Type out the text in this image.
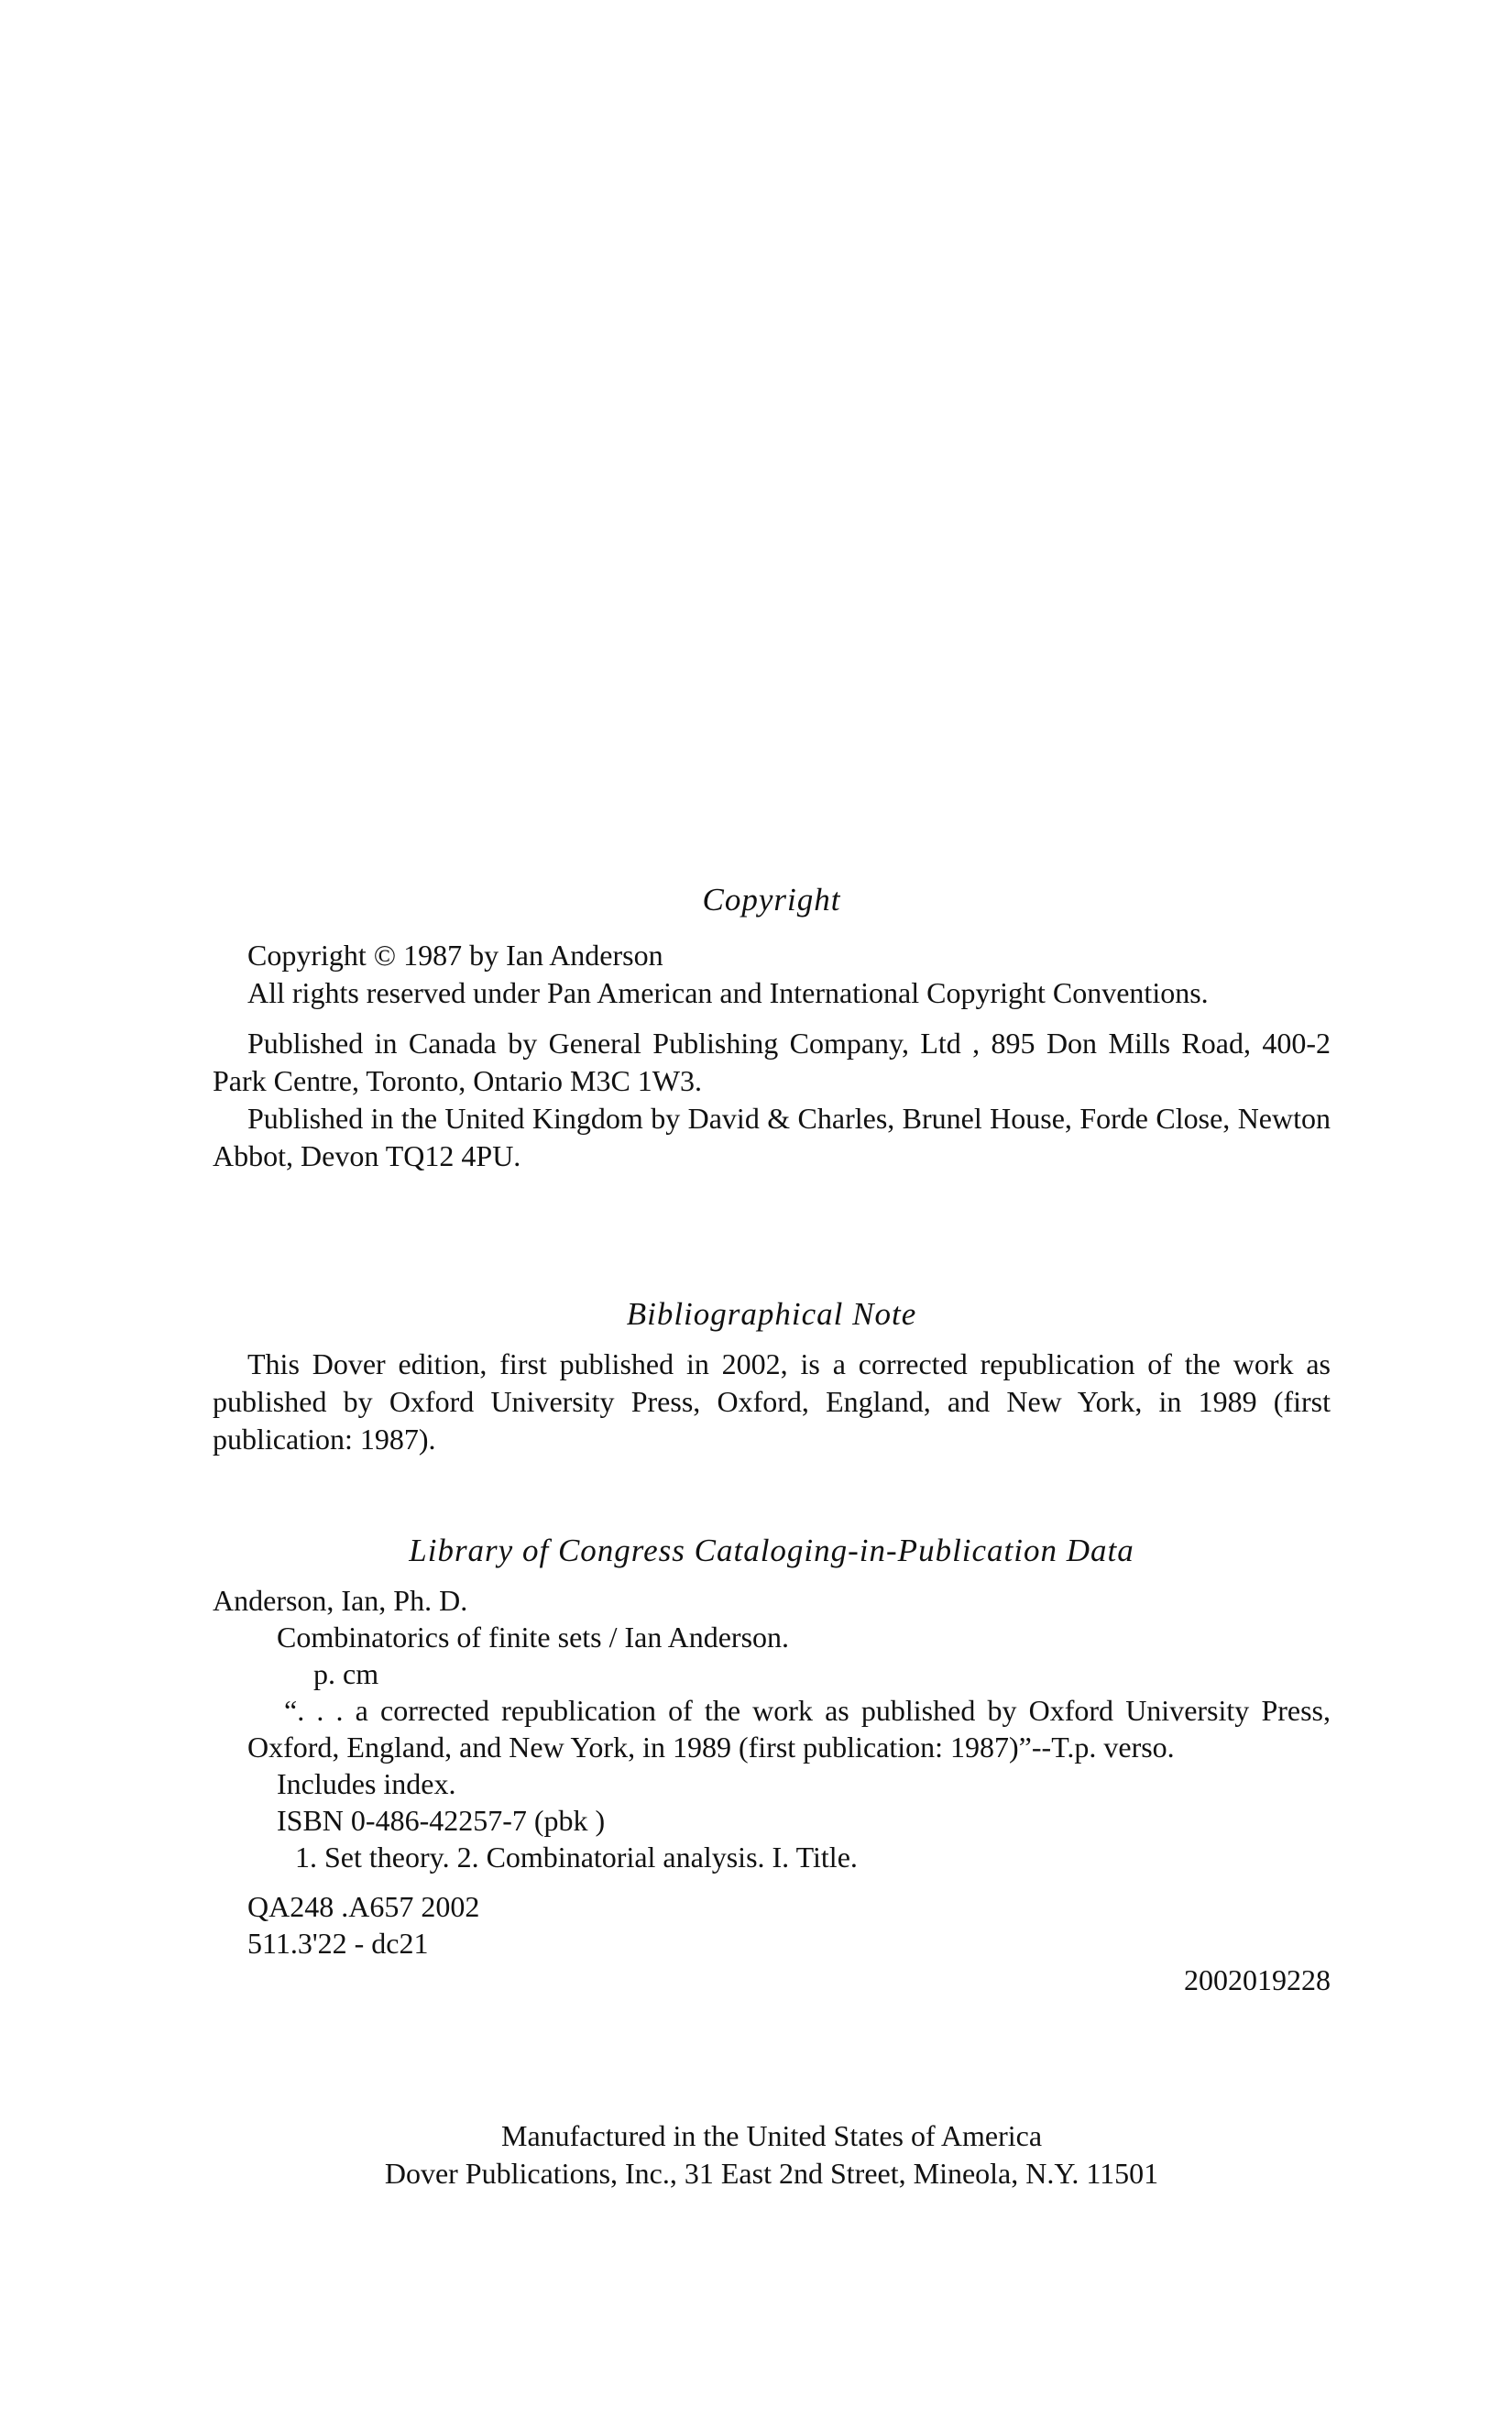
Copyright

Copyright © 1987 by Ian Anderson

All rights reserved under Pan American and International Copyright Conventions.

Published in Canada by General Publishing Company, Ltd , 895 Don Mills Road, 400-2 Park Centre, Toronto, Ontario M3C 1W3.

Published in the United Kingdom by David & Charles, Brunel House, Forde Close, Newton Abbot, Devon TQ12 4PU.

Bibliographical Note

This Dover edition, first published in 2002, is a corrected republication of the work as published by Oxford University Press, Oxford, England, and New York, in 1989 (first publication: 1987).

Library of Congress Cataloging-in-Publication Data

Anderson, Ian, Ph. D.

Combinatorics of finite sets / Ian Anderson.

p. cm

“. . . a corrected republication of the work as published by Oxford University Press, Oxford, England, and New York, in 1989 (first publication: 1987)”--T.p. verso.

Includes index.

ISBN 0-486-42257-7 (pbk )

1. Set theory. 2. Combinatorial analysis. I. Title.

QA248 .A657 2002

511.3'22 - dc21

2002019228

Manufactured in the United States of America

Dover Publications, Inc., 31 East 2nd Street, Mineola, N.Y. 11501
